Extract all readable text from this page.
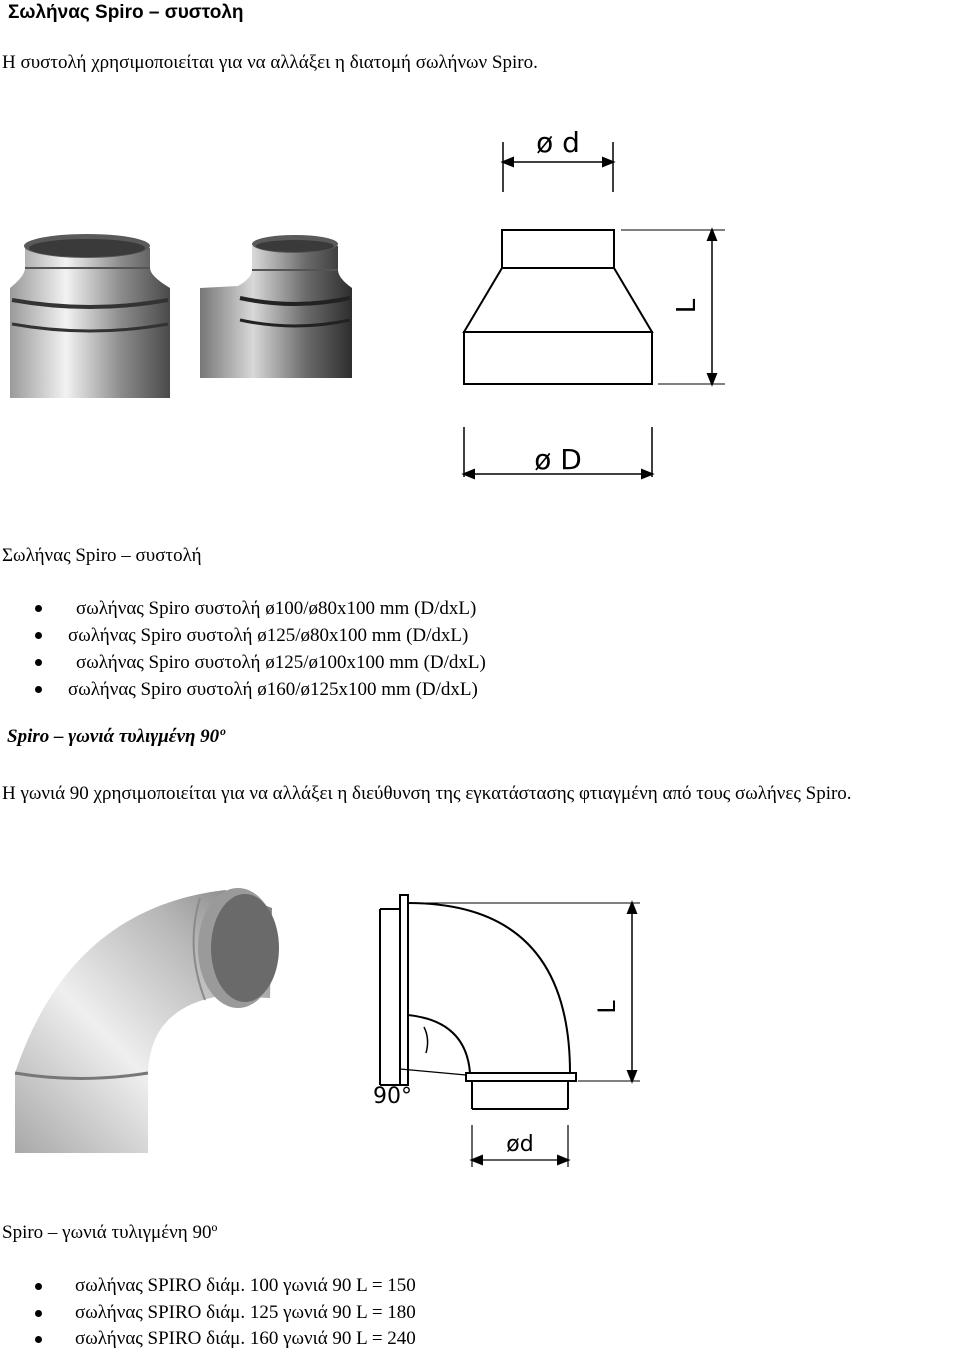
Σωλήνας Spiro – συστολη
Η συστολή χρησιμοποιείται για να αλλάξει η διατομή σωλήνων Spiro.
ø d
ø D
L
Σωλήνας Spiro – συστολή
σωλήνας Spiro συστολή ø100/ø80x100 mm (D/dxL)
σωλήνας Spiro συστολή ø125/ø80x100 mm (D/dxL)
σωλήνας Spiro συστολή ø125/ø100x100 mm (D/dxL)
σωλήνας Spiro συστολή ø160/ø125x100 mm (D/dxL)
Spiro – γωνιά τυλιγμένη 90º
Η γωνιά 90 χρησιμοποιείται για να αλλάξει η διεύθυνση της εγκατάστασης φτιαγμένη από τους σωλήνες Spiro.
L
90°
ød
Spiro – γωνιά τυλιγμένη 90º
σωλήνας SPIRO διάμ. 100 γωνιά 90 L = 150
σωλήνας SPIRO διάμ. 125 γωνιά 90 L = 180
σωλήνας SPIRO διάμ. 160 γωνιά 90 L = 240
